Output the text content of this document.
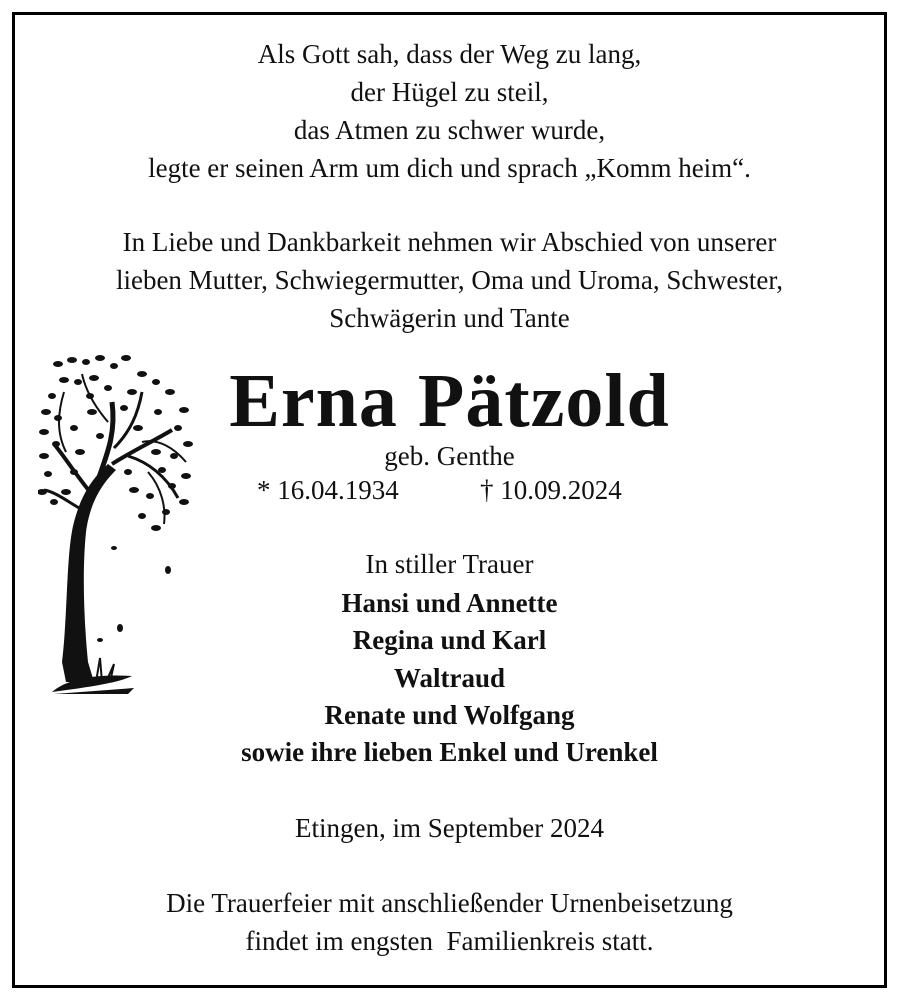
Als Gott sah, dass der Weg zu lang,
der Hügel zu steil,
das Atmen zu schwer wurde,
legte er seinen Arm um dich und sprach „Komm heim“.
In Liebe und Dankbarkeit nehmen wir Abschied von unserer
lieben Mutter, Schwiegermutter, Oma und Uroma, Schwester,
Schwägerin und Tante
Erna Pätzold
geb. Genthe
* 16.04.1934	† 10.09.2024
In stiller Trauer
Hansi und Annette
Regina und Karl
Waltraud
Renate und Wolfgang
sowie ihre lieben Enkel und Urenkel
Etingen, im September 2024
Die Trauerfeier mit anschließender Urnenbeisetzung
findet im engsten  Familienkreis statt.
